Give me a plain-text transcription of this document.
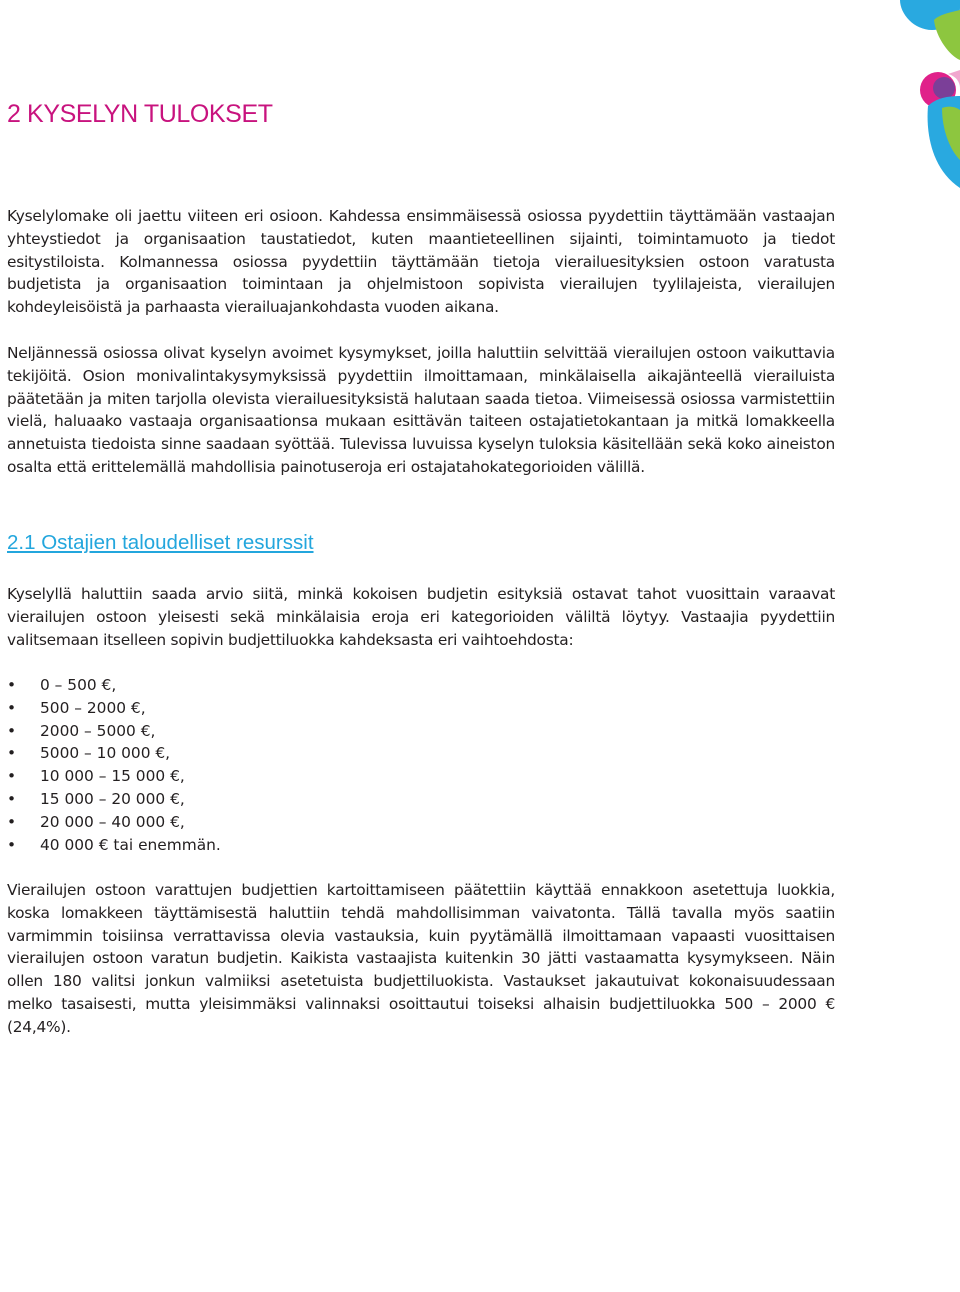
2 KYSELYN TULOKSET

Kyselylomake oli jaettu viiteen eri osioon. Kahdessa ensimmäisessä osiossa pyydettiin täyttämään vastaajan yhteystiedot ja organisaation taustatiedot, kuten maantieteellinen sijainti, toimintamuoto ja tiedot esitystiloista. Kolmannessa osiossa pyydettiin täyttämään tietoja vierailuesityksien ostoon varatusta budjetista ja organisaation toimintaan ja ohjelmistoon sopivista vierailujen tyylilajeista, vierailujen kohdeyleisöistä ja parhaasta vierailuajankohdasta vuoden aikana.

Neljännessä osiossa olivat kyselyn avoimet kysymykset, joilla haluttiin selvittää vierailujen ostoon vaikuttavia tekijöitä. Osion monivalintakysymyksissä pyydettiin ilmoittamaan, minkälaisella aikajänteellä vierailuista päätetään ja miten tarjolla olevista vierailuesityksistä halutaan saada tietoa. Viimeisessä osiossa varmistettiin vielä, haluaako vastaaja organisaationsa mukaan esittävän taiteen ostajatietokantaan ja mitkä lomakkeella annetuista tiedoista sinne saadaan syöttää. Tulevissa luvuissa kyselyn tuloksia käsitellään sekä koko aineiston osalta että erittelemällä mahdollisia painotuseroja eri ostajatahokategorioiden välillä.

2.1 Ostajien taloudelliset resurssit

Kyselyllä haluttiin saada arvio siitä, minkä kokoisen budjetin esityksiä ostavat tahot vuosittain varaavat vierailujen ostoon yleisesti sekä minkälaisia eroja eri kategorioiden väliltä löytyy. Vastaajia pyydettiin valitsemaan itselleen sopivin budjettiluokka kahdeksasta eri vaihtoehdosta:

• 0 – 500 €,
• 500 – 2000 €,
• 2000 – 5000 €,
• 5000 – 10 000 €,
• 10 000 – 15 000 €,
• 15 000 – 20 000 €,
• 20 000 – 40 000 €,
• 40 000 € tai enemmän.

Vierailujen ostoon varattujen budjettien kartoittamiseen päätettiin käyttää ennakkoon asetettuja luokkia, koska lomakkeen täyttämisestä haluttiin tehdä mahdollisimman vaivatonta. Tällä tavalla myös saatiin varmimmin toisiinsa verrattavissa olevia vastauksia, kuin pyytämällä ilmoittamaan vapaasti vuosittaisen vierailujen ostoon varatun budjetin. Kaikista vastaajista kuitenkin 30 jätti vastaamatta kysymykseen. Näin ollen 180 valitsi jonkun valmiiksi asetetuista budjettiluokista. Vastaukset jakautuivat kokonaisuudessaan melko tasaisesti, mutta yleisimmäksi valinnaksi osoittautui toiseksi alhaisin budjettiluokka 500 – 2000 € (24,4%).
